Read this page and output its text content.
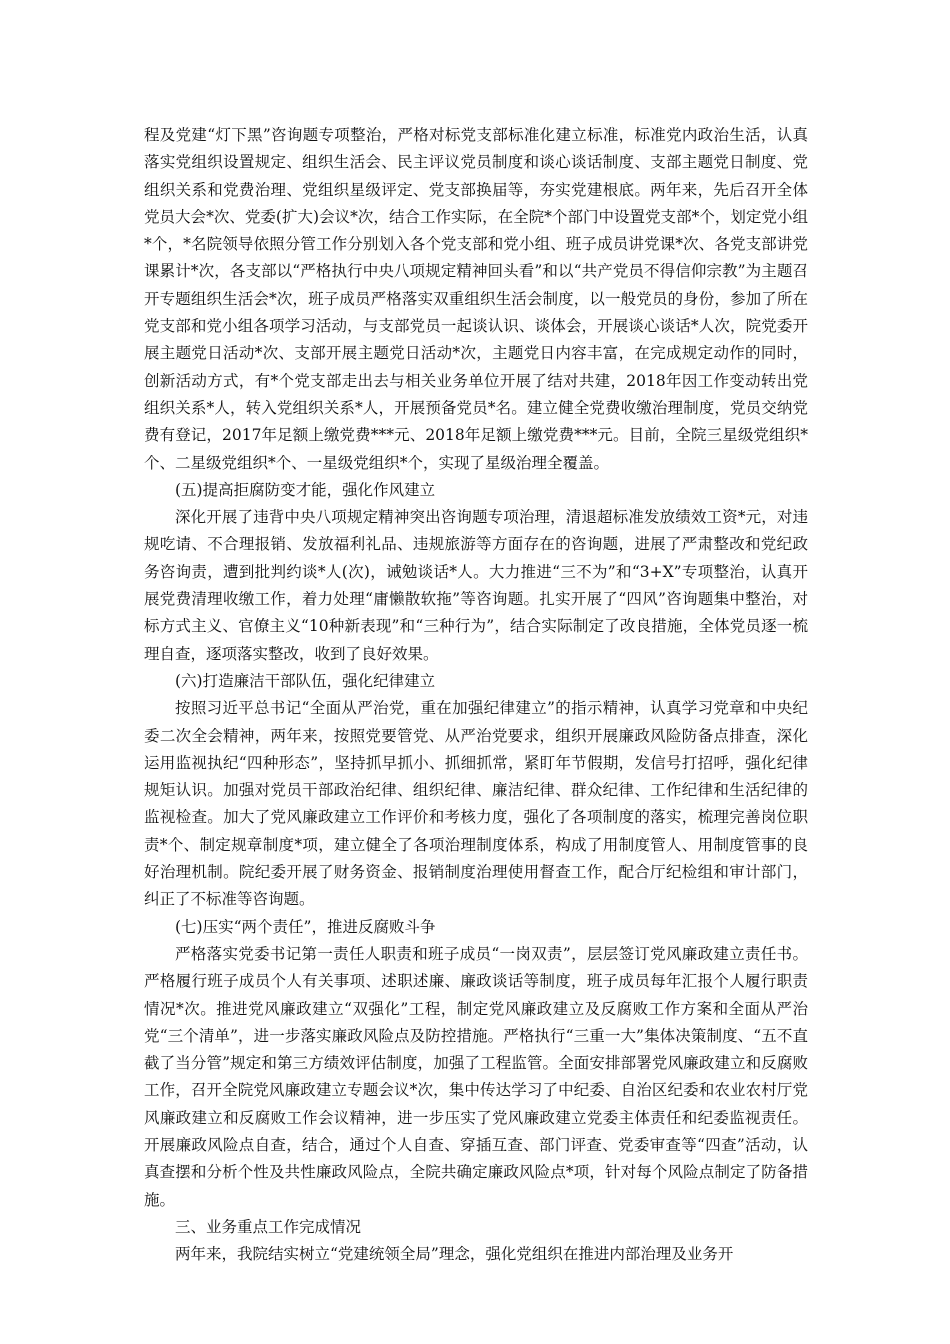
程及党建“灯下黑”咨询题专项整治，严格对标党支部标准化建立标准，标准党内政治生活，认真落实党组织设置规定、组织生活会、民主评议党员制度和谈心谈话制度、支部主题党日制度、党组织关系和党费治理、党组织星级评定、党支部换届等，夯实党建根底。两年来，先后召开全体党员大会*次、党委(扩大)会议*次，结合工作实际，在全院*个部门中设置党支部*个，划定党小组*个，*名院领导依照分管工作分别划入各个党支部和党小组、班子成员讲党课*次、各党支部讲党课累计*次，各支部以“严格执行中央八项规定精神回头看”和以“共产党员不得信仰宗教”为主题召开专题组织生活会*次，班子成员严格落实双重组织生活会制度，以一般党员的身份，参加了所在党支部和党小组各项学习活动，与支部党员一起谈认识、谈体会，开展谈心谈话*人次，院党委开展主题党日活动*次、支部开展主题党日活动*次，主题党日内容丰富，在完成规定动作的同时，创新活动方式，有*个党支部走出去与相关业务单位开展了结对共建，2018年因工作变动转出党组织关系*人，转入党组织关系*人，开展预备党员*名。建立健全党费收缴治理制度，党员交纳党费有登记，2017年足额上缴党费***元、2018年足额上缴党费***元。目前，全院三星级党组织*个、二星级党组织*个、一星级党组织*个，实现了星级治理全覆盖。

(五)提高拒腐防变才能，强化作风建立

深化开展了违背中央八项规定精神突出咨询题专项治理，清退超标准发放绩效工资*元，对违规吃请、不合理报销、发放福利礼品、违规旅游等方面存在的咨询题，进展了严肃整改和党纪政务咨询责，遭到批判约谈*人(次)，诫勉谈话*人。大力推进“三不为”和“3+X”专项整治，认真开展党费清理收缴工作，着力处理“庸懒散软拖”等咨询题。扎实开展了“四风”咨询题集中整治，对标方式主义、官僚主义“10种新表现”和“三种行为”，结合实际制定了改良措施，全体党员逐一梳理自查，逐项落实整改，收到了良好效果。

(六)打造廉洁干部队伍，强化纪律建立

按照习近平总书记“全面从严治党，重在加强纪律建立”的指示精神，认真学习党章和中央纪委二次全会精神，两年来，按照党要管党、从严治党要求，组织开展廉政风险防备点排查，深化运用监视执纪“四种形态”，坚持抓早抓小、抓细抓常，紧盯年节假期，发信号打招呼，强化纪律规矩认识。加强对党员干部政治纪律、组织纪律、廉洁纪律、群众纪律、工作纪律和生活纪律的监视检查。加大了党风廉政建立工作评价和考核力度，强化了各项制度的落实，梳理完善岗位职责*个、制定规章制度*项，建立健全了各项治理制度体系，构成了用制度管人、用制度管事的良好治理机制。院纪委开展了财务资金、报销制度治理使用督查工作，配合厅纪检组和审计部门，纠正了不标准等咨询题。

(七)压实“两个责任”，推进反腐败斗争

严格落实党委书记第一责任人职责和班子成员“一岗双责”，层层签订党风廉政建立责任书。严格履行班子成员个人有关事项、述职述廉、廉政谈话等制度，班子成员每年汇报个人履行职责情况*次。推进党风廉政建立“双强化”工程，制定党风廉政建立及反腐败工作方案和全面从严治党“三个清单”，进一步落实廉政风险点及防控措施。严格执行“三重一大”集体决策制度、“五不直截了当分管”规定和第三方绩效评估制度，加强了工程监管。全面安排部署党风廉政建立和反腐败工作，召开全院党风廉政建立专题会议*次，集中传达学习了中纪委、自治区纪委和农业农村厅党风廉政建立和反腐败工作会议精神，进一步压实了党风廉政建立党委主体责任和纪委监视责任。开展廉政风险点自查，结合，通过个人自查、穿插互查、部门评查、党委审查等“四查”活动，认真查摆和分析个性及共性廉政风险点，全院共确定廉政风险点*项，针对每个风险点制定了防备措施。

三、业务重点工作完成情况

两年来，我院结实树立“党建统领全局”理念，强化党组织在推进内部治理及业务开
